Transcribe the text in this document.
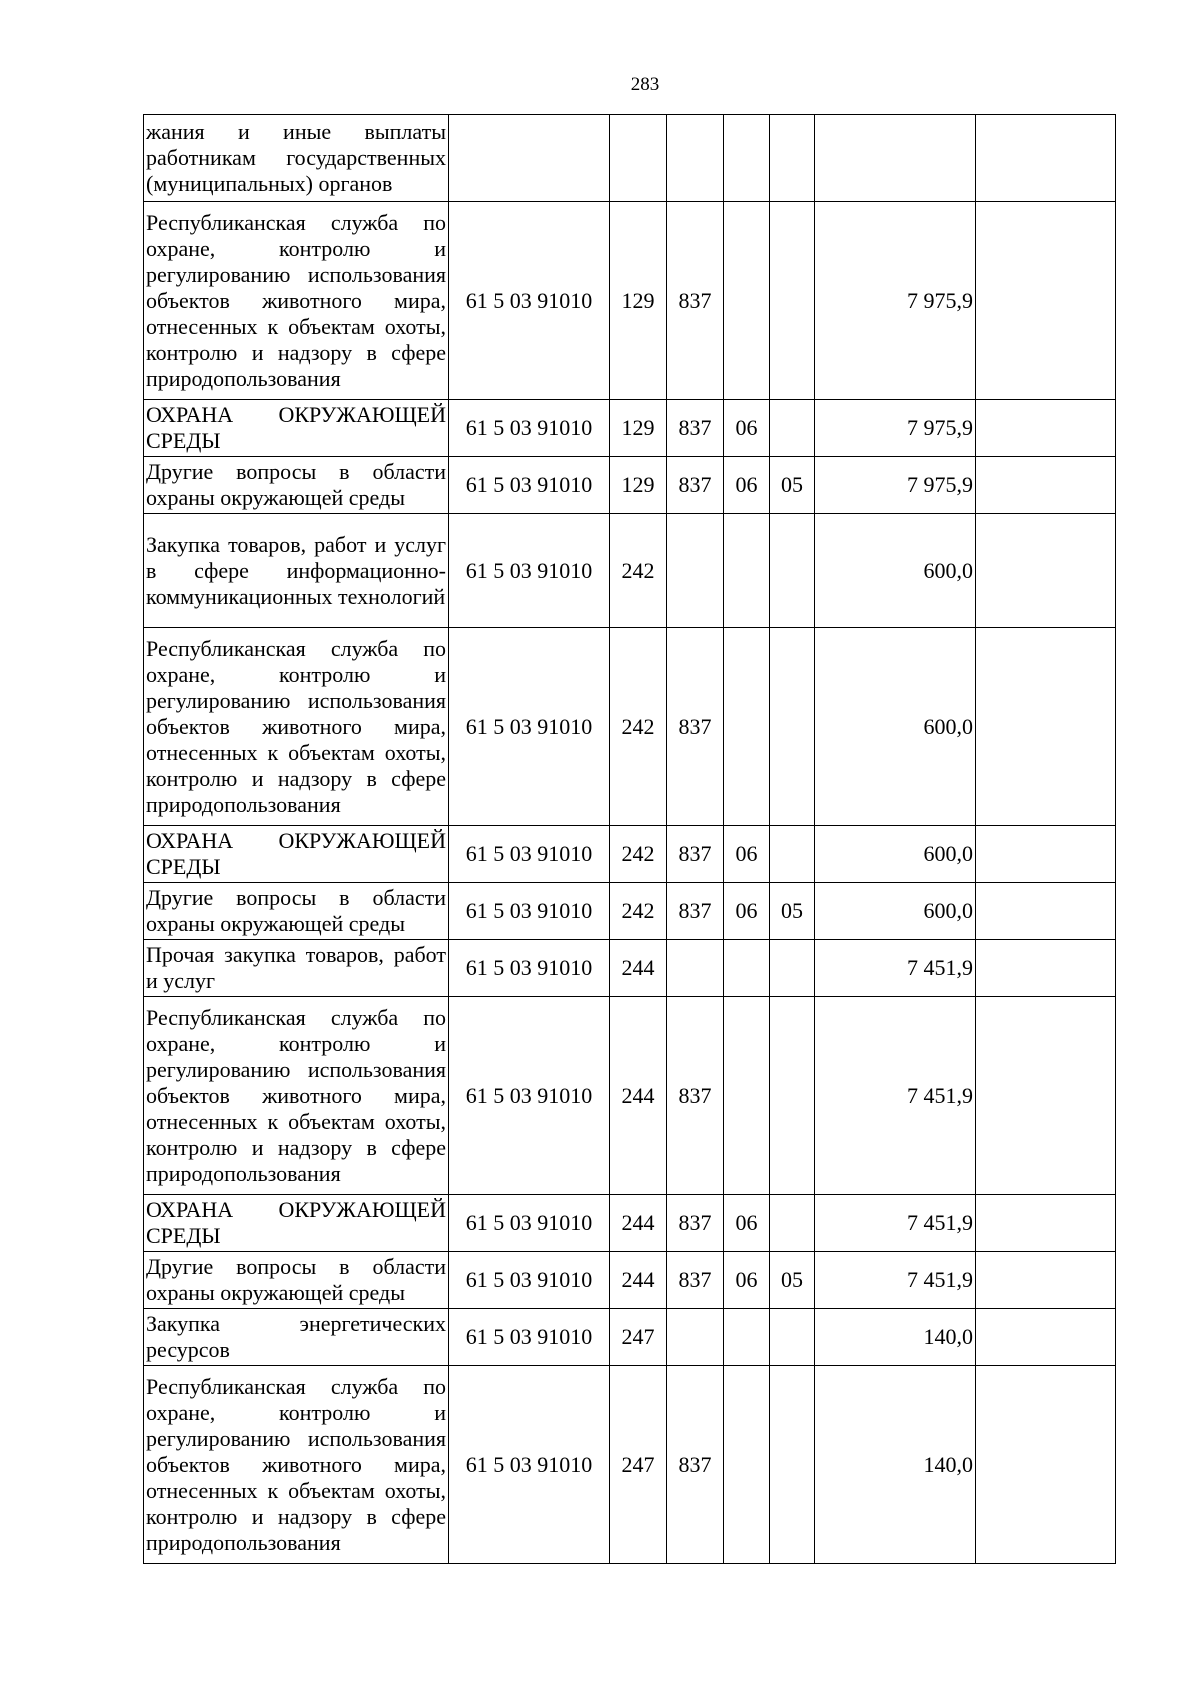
283
жания и иные выплаты работникам государственных (муниципальных) органов							
Республиканская служба по охране, контролю и регулированию использования объектов животного мира, отнесенных к объектам охоты, контролю и надзору в сфере природопользования	61 5 03 91010	129	837			7 975,9	
ОХРАНА ОКРУЖАЮЩЕЙ СРЕДЫ	61 5 03 91010	129	837	06		7 975,9	
Другие вопросы в области охраны окружающей среды	61 5 03 91010	129	837	06	05	7 975,9	
Закупка товаров, работ и услуг в сфере информационно-коммуникационных технологий	61 5 03 91010	242				600,0	
Республиканская служба по охране, контролю и регулированию использования объектов животного мира, отнесенных к объектам охоты, контролю и надзору в сфере природопользования	61 5 03 91010	242	837			600,0	
ОХРАНА ОКРУЖАЮЩЕЙ СРЕДЫ	61 5 03 91010	242	837	06		600,0	
Другие вопросы в области охраны окружающей среды	61 5 03 91010	242	837	06	05	600,0	
Прочая закупка товаров, работ и услуг	61 5 03 91010	244				7 451,9	
Республиканская служба по охране, контролю и регулированию использования объектов животного мира, отнесенных к объектам охоты, контролю и надзору в сфере природопользования	61 5 03 91010	244	837			7 451,9	
ОХРАНА ОКРУЖАЮЩЕЙ СРЕДЫ	61 5 03 91010	244	837	06		7 451,9	
Другие вопросы в области охраны окружающей среды	61 5 03 91010	244	837	06	05	7 451,9	
Закупка энергетических ресурсов	61 5 03 91010	247				140,0	
Республиканская служба по охране, контролю и регулированию использования объектов животного мира, отнесенных к объектам охоты, контролю и надзору в сфере природопользования	61 5 03 91010	247	837			140,0	
